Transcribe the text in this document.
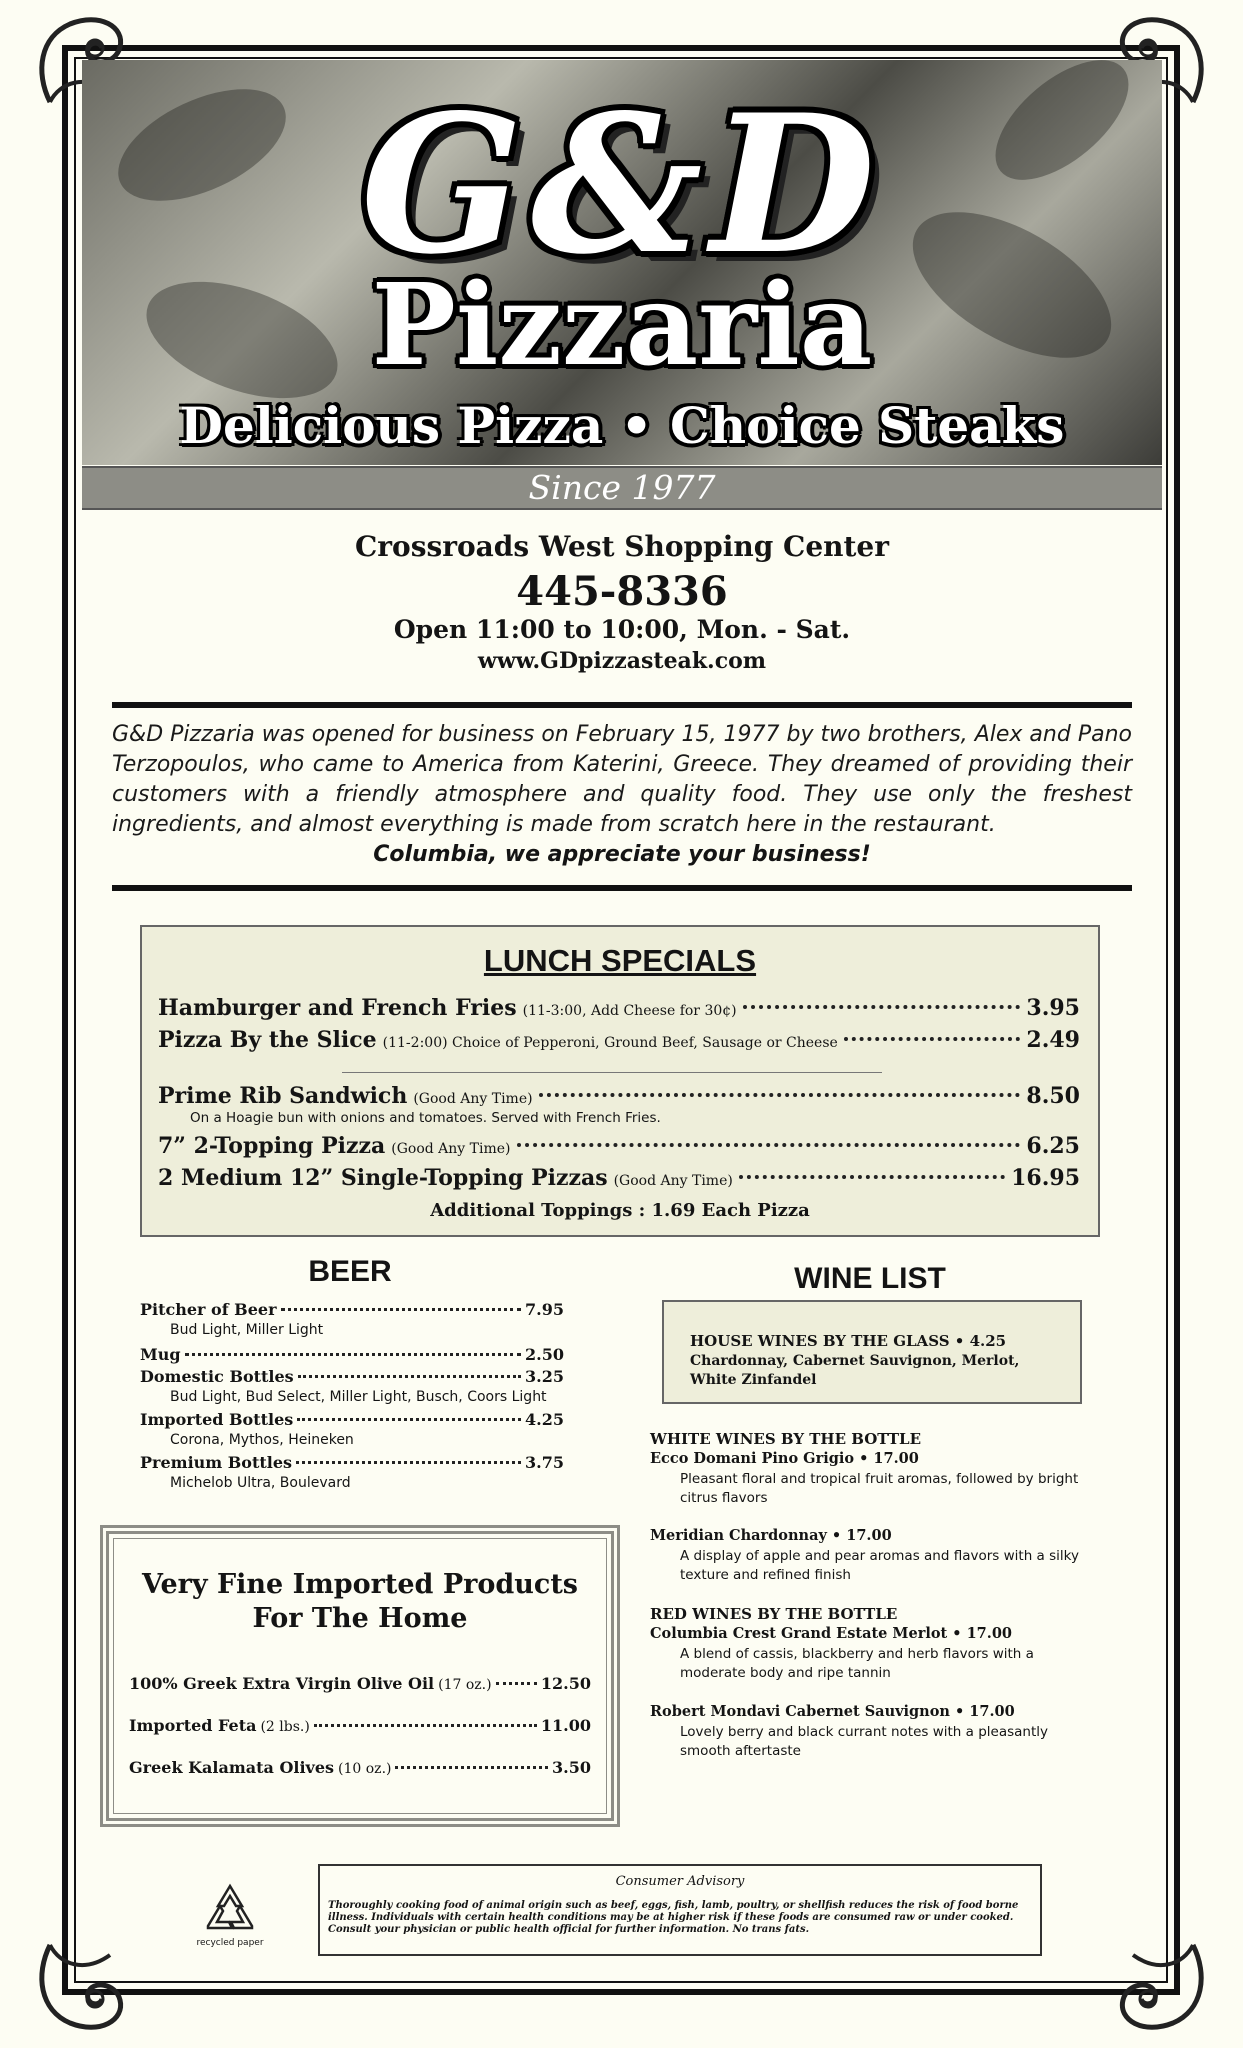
G&D
Pizzaria
Delicious Pizza • Choice Steaks
Since 1977
Crossroads West Shopping Center
445-8336
Open 11:00 to 10:00, Mon. - Sat.
www.GDpizzasteak.com
G&D Pizzaria was opened for business on February 15, 1977 by two brothers, Alex and Pano Terzopoulos, who came to America from Katerini, Greece. They dreamed of providing their customers with a friendly atmosphere and quality food. They use only the freshest ingredients, and almost everything is made from scratch here in the restaurant.
Columbia, we appreciate your business!
LUNCH SPECIALS
Hamburger and French Fries (11-3:00, Add Cheese for 30¢)	3.95
Pizza By the Slice (11-2:00) Choice of Pepperoni, Ground Beef, Sausage or Cheese	2.49
Prime Rib Sandwich (Good Any Time)	8.50
On a Hoagie bun with onions and tomatoes. Served with French Fries.
7” 2-Topping Pizza (Good Any Time)	6.25
2 Medium 12” Single-Topping Pizzas (Good Any Time)	16.95
Additional Toppings : 1.69 Each Pizza
BEER
Pitcher of Beer	7.95
Bud Light, Miller Light
Mug	2.50
Domestic Bottles	3.25
Bud Light, Bud Select, Miller Light, Busch, Coors Light
Imported Bottles	4.25
Corona, Mythos, Heineken
Premium Bottles	3.75
Michelob Ultra, Boulevard
WINE LIST
HOUSE WINES BY THE GLASS • 4.25
Chardonnay, Cabernet Sauvignon, Merlot, White Zinfandel
WHITE WINES BY THE BOTTLE
Ecco Domani Pino Grigio • 17.00
Pleasant floral and tropical fruit aromas, followed by bright citrus flavors
Meridian Chardonnay • 17.00
A display of apple and pear aromas and flavors with a silky texture and refined finish
RED WINES BY THE BOTTLE
Columbia Crest Grand Estate Merlot • 17.00
A blend of cassis, blackberry and herb flavors with a moderate body and ripe tannin
Robert Mondavi Cabernet Sauvignon • 17.00
Lovely berry and black currant notes with a pleasantly smooth aftertaste
Very Fine Imported Products
For The Home
100% Greek Extra Virgin Olive Oil (17 oz.)	12.50
Imported Feta (2 lbs.)	11.00
Greek Kalamata Olives (10 oz.)	3.50
recycled paper
Consumer Advisory
Thoroughly cooking food of animal origin such as beef, eggs, fish, lamb, poultry, or shellfish reduces the risk of food borne illness. Individuals with certain health conditions may be at higher risk if these foods are consumed raw or under cooked. Consult your physician or public health official for further information. No trans fats.
